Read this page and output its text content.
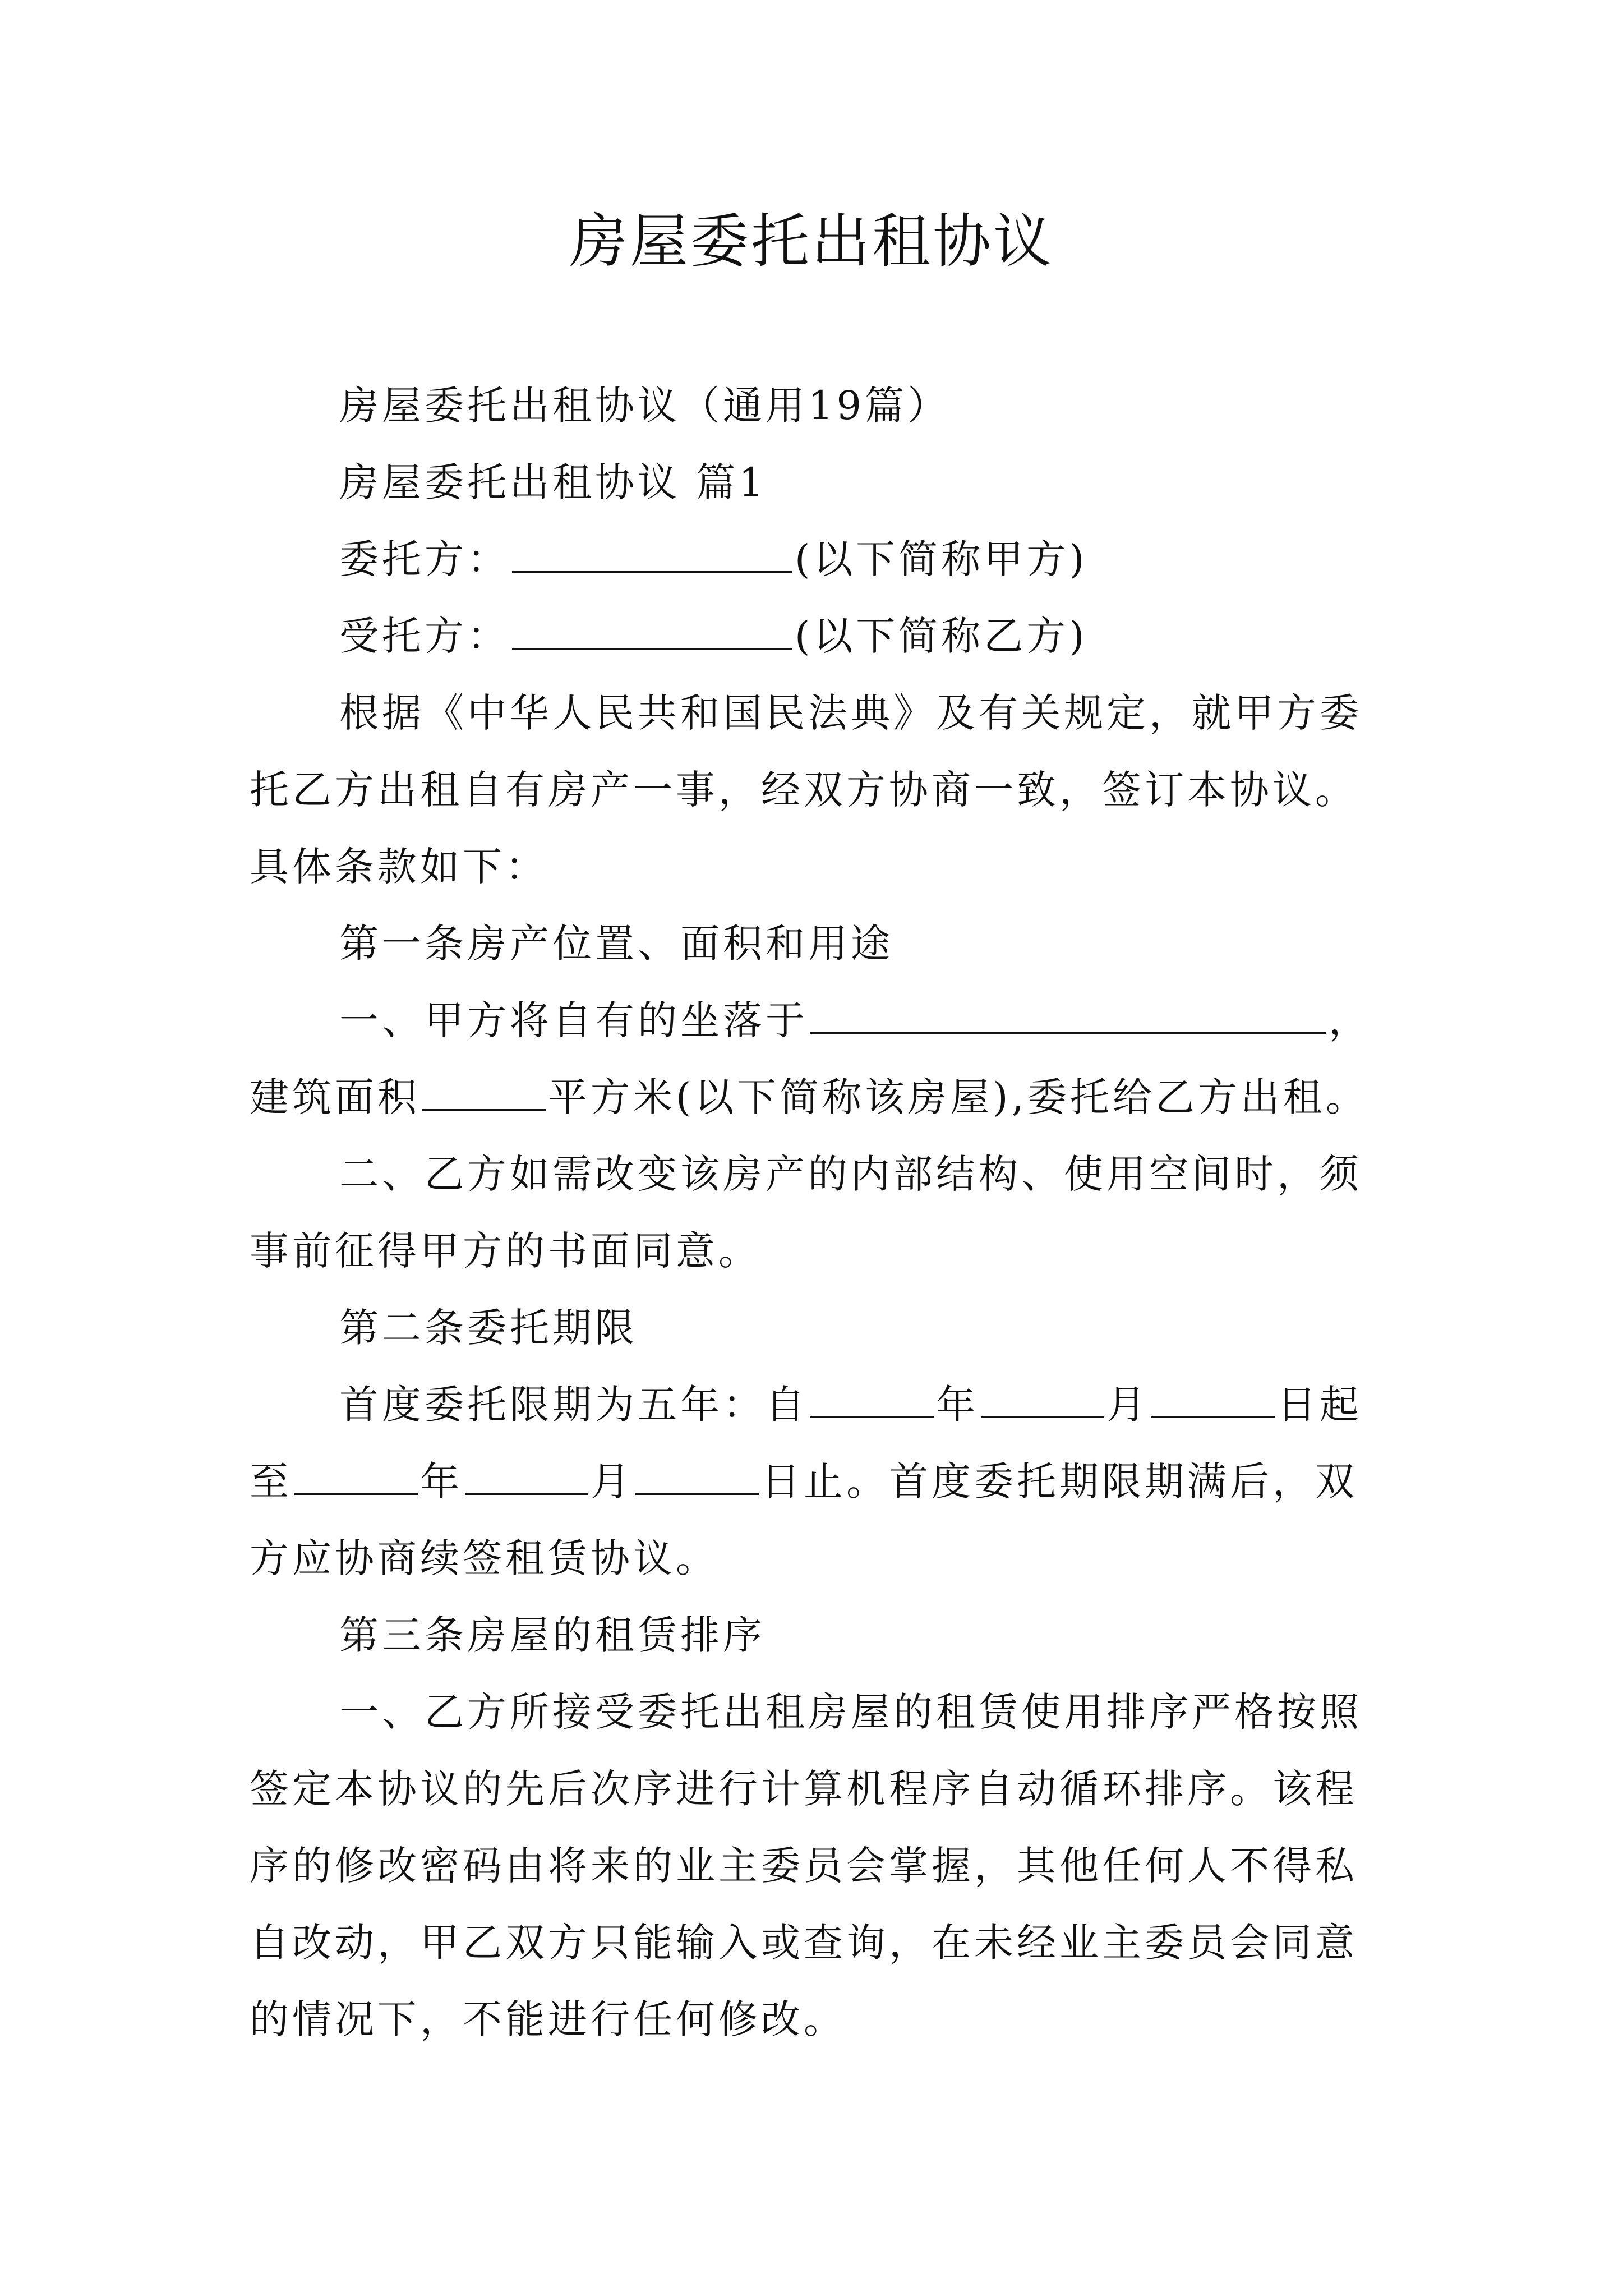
房屋委托出租协议

房屋委托出租协议（通用19篇）

房屋委托出租协议 篇1

委托方：	(以下简称甲方)

受托方：	(以下简称乙方)

根据《中华人民共和国民法典》及有关规定，就甲方委

托乙方出租自有房产一事，经双方协商一致，签订本协议。

具体条款如下：

第一条房产位置、面积和用途

一、甲方将自有的坐落于	，

建筑面积	平方米(以下简称该房屋),委托给乙方出租。

二、乙方如需改变该房产的内部结构、使用空间时，须

事前征得甲方的书面同意。

第二条委托期限

首度委托限期为五年：自	年	月	日起

至	年	月	日止。首度委托期限期满后，双

方应协商续签租赁协议。

第三条房屋的租赁排序

一、乙方所接受委托出租房屋的租赁使用排序严格按照

签定本协议的先后次序进行计算机程序自动循环排序。该程

序的修改密码由将来的业主委员会掌握，其他任何人不得私

自改动，甲乙双方只能输入或查询，在未经业主委员会同意

的情况下，不能进行任何修改。
